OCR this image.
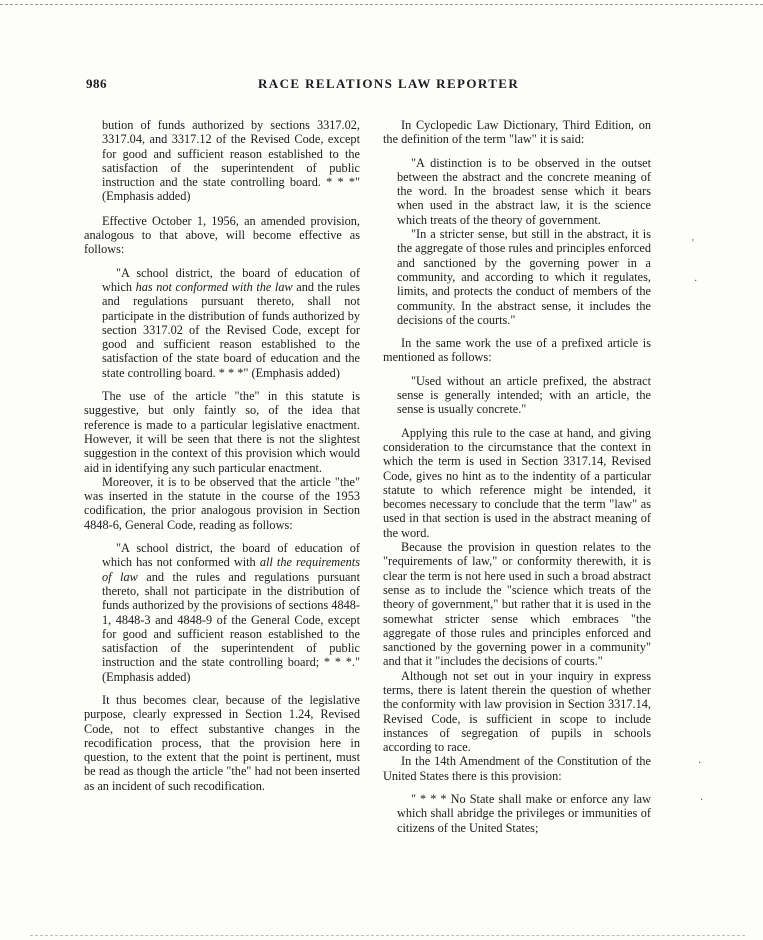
986	RACE RELATIONS LAW REPORTER

bution of funds authorized by sections 3317.02, 3317.04, and 3317.12 of the Revised Code, except for good and sufficient reason established to the satisfaction of the superintendent of public instruction and the state controlling board. * * *" (Emphasis added)

Effective October 1, 1956, an amended provision, analogous to that above, will become effective as follows:

"A school district, the board of education of which has not conformed with the law and the rules and regulations pursuant thereto, shall not participate in the distribution of funds authorized by section 3317.02 of the Revised Code, except for good and sufficient reason established to the satisfaction of the state board of education and the state controlling board. * * *" (Emphasis added)

The use of the article "the" in this statute is suggestive, but only faintly so, of the idea that reference is made to a particular legislative enactment. However, it will be seen that there is not the slightest suggestion in the context of this provision which would aid in identifying any such particular enactment.

Moreover, it is to be observed that the article "the" was inserted in the statute in the course of the 1953 codification, the prior analogous provision in Section 4848-6, General Code, reading as follows:

"A school district, the board of education of which has not conformed with all the requirements of law and the rules and regulations pursuant thereto, shall not participate in the distribution of funds authorized by the provisions of sections 4848-1, 4848-3 and 4848-9 of the General Code, except for good and sufficient reason established to the satisfaction of the superintendent of public instruction and the state controlling board; * * *." (Emphasis added)

It thus becomes clear, because of the legislative purpose, clearly expressed in Section 1.24, Revised Code, not to effect substantive changes in the recodification process, that the provision here in question, to the extent that the point is pertinent, must be read as though the article "the" had not been inserted as an incident of such recodification.

In Cyclopedic Law Dictionary, Third Edition, on the definition of the term "law" it is said:

"A distinction is to be observed in the outset between the abstract and the concrete meaning of the word. In the broadest sense which it bears when used in the abstract law, it is the science which treats of the theory of government.

"In a stricter sense, but still in the abstract, it is the aggregate of those rules and principles enforced and sanctioned by the governing power in a community, and according to which it regulates, limits, and protects the conduct of members of the community. In the abstract sense, it includes the decisions of the courts."

In the same work the use of a prefixed article is mentioned as follows:

"Used without an article prefixed, the abstract sense is generally intended; with an article, the sense is usually concrete."

Applying this rule to the case at hand, and giving consideration to the circumstance that the context in which the term is used in Section 3317.14, Revised Code, gives no hint as to the indentity of a particular statute to which reference might be intended, it becomes necessary to conclude that the term "law" as used in that section is used in the abstract meaning of the word.

Because the provision in question relates to the "requirements of law," or conformity therewith, it is clear the term is not here used in such a broad abstract sense as to include the "science which treats of the theory of government," but rather that it is used in the somewhat stricter sense which embraces "the aggregate of those rules and principles enforced and sanctioned by the governing power in a community" and that it "includes the decisions of courts."

Although not set out in your inquiry in express terms, there is latent therein the question of whether the conformity with law provision in Section 3317.14, Revised Code, is sufficient in scope to include instances of segregation of pupils in schools according to race.

In the 14th Amendment of the Constitution of the United States there is this provision:

" * * * No State shall make or enforce any law which shall abridge the privileges or immunities of citizens of the United States;

'
·
·
·
